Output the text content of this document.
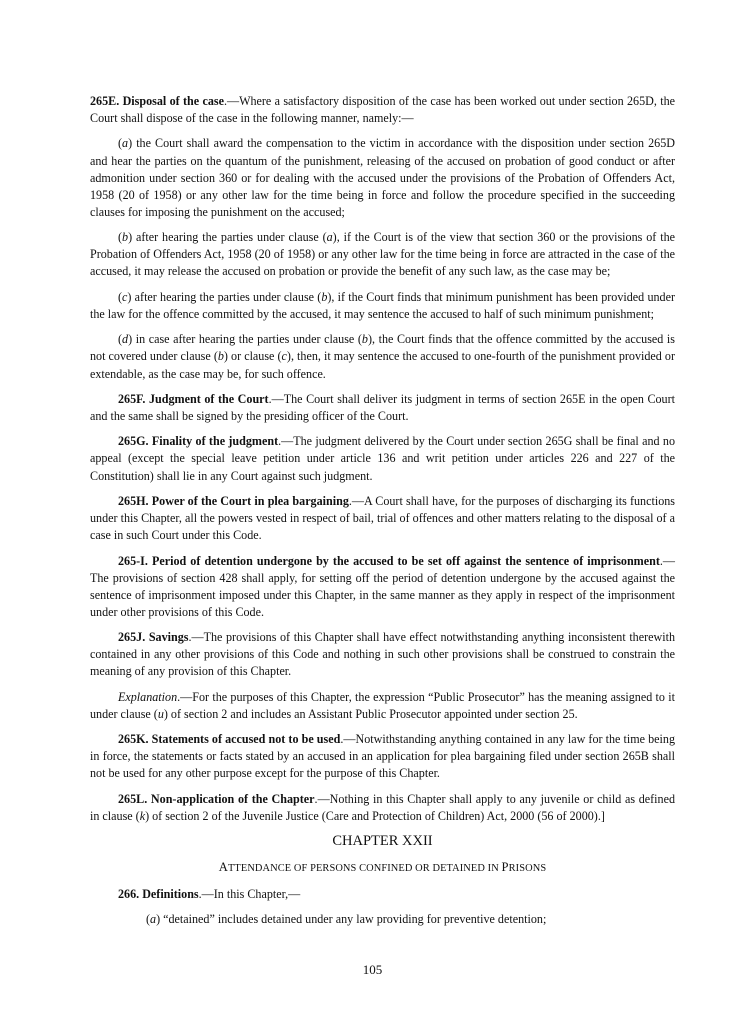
265E. Disposal of the case.—Where a satisfactory disposition of the case has been worked out under section 265D, the Court shall dispose of the case in the following manner, namely:—

(a) the Court shall award the compensation to the victim in accordance with the disposition under section 265D and hear the parties on the quantum of the punishment, releasing of the accused on probation of good conduct or after admonition under section 360 or for dealing with the accused under the provisions of the Probation of Offenders Act, 1958 (20 of 1958) or any other law for the time being in force and follow the procedure specified in the succeeding clauses for imposing the punishment on the accused;

(b) after hearing the parties under clause (a), if the Court is of the view that section 360 or the provisions of the Probation of Offenders Act, 1958 (20 of 1958) or any other law for the time being in force are attracted in the case of the accused, it may release the accused on probation or provide the benefit of any such law, as the case may be;

(c) after hearing the parties under clause (b), if the Court finds that minimum punishment has been provided under the law for the offence committed by the accused, it may sentence the accused to half of such minimum punishment;

(d) in case after hearing the parties under clause (b), the Court finds that the offence committed by the accused is not covered under clause (b) or clause (c), then, it may sentence the accused to one-fourth of the punishment provided or extendable, as the case may be, for such offence.

265F. Judgment of the Court.—The Court shall deliver its judgment in terms of section 265E in the open Court and the same shall be signed by the presiding officer of the Court.

265G. Finality of the judgment.—The judgment delivered by the Court under section 265G shall be final and no appeal (except the special leave petition under article 136 and writ petition under articles 226 and 227 of the Constitution) shall lie in any Court against such judgment.

265H. Power of the Court in plea bargaining.—A Court shall have, for the purposes of discharging its functions under this Chapter, all the powers vested in respect of bail, trial of offences and other matters relating to the disposal of a case in such Court under this Code.

265-I. Period of detention undergone by the accused to be set off against the sentence of imprisonment.—The provisions of section 428 shall apply, for setting off the period of detention undergone by the accused against the sentence of imprisonment imposed under this Chapter, in the same manner as they apply in respect of the imprisonment under other provisions of this Code.

265J. Savings.—The provisions of this Chapter shall have effect notwithstanding anything inconsistent therewith contained in any other provisions of this Code and nothing in such other provisions shall be construed to constrain the meaning of any provision of this Chapter.

Explanation.—For the purposes of this Chapter, the expression “Public Prosecutor” has the meaning assigned to it under clause (u) of section 2 and includes an Assistant Public Prosecutor appointed under section 25.

265K. Statements of accused not to be used.—Notwithstanding anything contained in any law for the time being in force, the statements or facts stated by an accused in an application for plea bargaining filed under section 265B shall not be used for any other purpose except for the purpose of this Chapter.

265L. Non-application of the Chapter.—Nothing in this Chapter shall apply to any juvenile or child as defined in clause (k) of section 2 of the Juvenile Justice (Care and Protection of Children) Act, 2000 (56 of 2000).]

CHAPTER XXII
ATTENDANCE OF PERSONS CONFINED OR DETAINED IN PRISONS

266. Definitions.—In this Chapter,—

(a) “detained” includes detained under any law providing for preventive detention;

105
